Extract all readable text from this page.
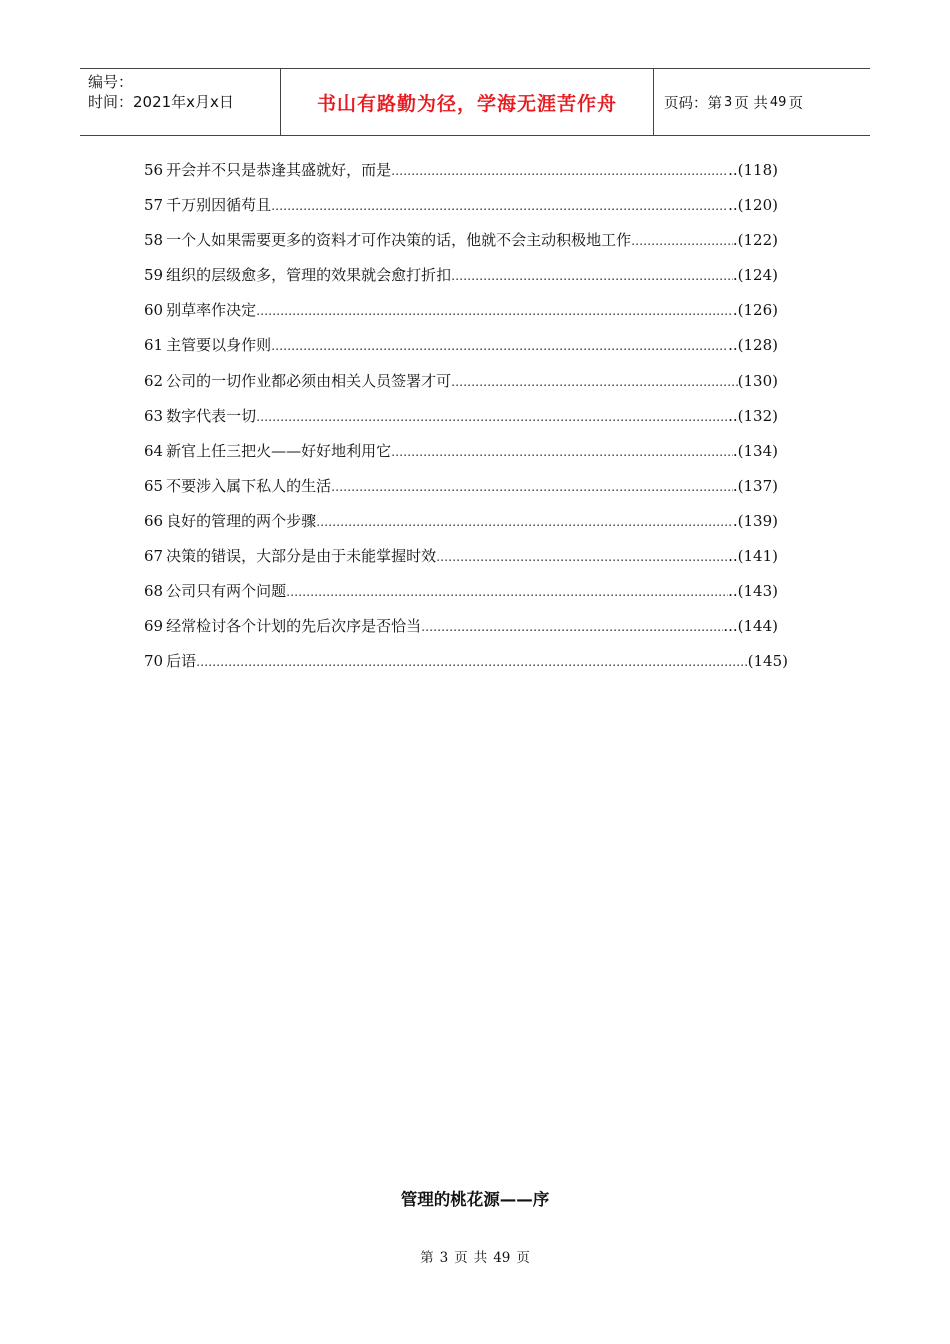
编号：
时间：2021年x月x日	书山有路勤为径，学海无涯苦作舟	页码：第 3 页 共 49 页
56 开会并不只是恭逢其盛就好，而是 ……………………………………………………………………………………………………………………………………………………………………………………………………	..(118)
57 千万别因循苟且 ……………………………………………………………………………………………………………………………………………………………………………………………………	..(120)
58 一个人如果需要更多的资料才可作决策的话，他就不会主动积极地工作 ……………………………………………………………………………………………………………………………………………………………………………………………………	.(122)
59 组织的层级愈多，管理的效果就会愈打折扣 ……………………………………………………………………………………………………………………………………………………………………………………………………	.(124)
60 别草率作决定 ……………………………………………………………………………………………………………………………………………………………………………………………………	.(126)
61 主管要以身作则 ……………………………………………………………………………………………………………………………………………………………………………………………………	..(128)
62 公司的一切作业都必须由相关人员签署才可 ……………………………………………………………………………………………………………………………………………………………………………………………………	(130)
63 数字代表一切 ……………………………………………………………………………………………………………………………………………………………………………………………………	..(132)
64 新官上任三把火——好好地利用它 ……………………………………………………………………………………………………………………………………………………………………………………………………	.(134)
65 不要涉入属下私人的生活 ……………………………………………………………………………………………………………………………………………………………………………………………………	.(137)
66 良好的管理的两个步骤 ……………………………………………………………………………………………………………………………………………………………………………………………………	.(139)
67 决策的错误，大部分是由于未能掌握时效 ……………………………………………………………………………………………………………………………………………………………………………………………………	..(141)
68 公司只有两个问题 ……………………………………………………………………………………………………………………………………………………………………………………………………	..(143)
69 经常检讨各个计划的先后次序是否恰当 ……………………………………………………………………………………………………………………………………………………………………………………………………	...(144)
70 后语 ……………………………………………………………………………………………………………………………………………………………………………………………………	(145)
管理的桃花源——序
第 3 页 共 49 页
